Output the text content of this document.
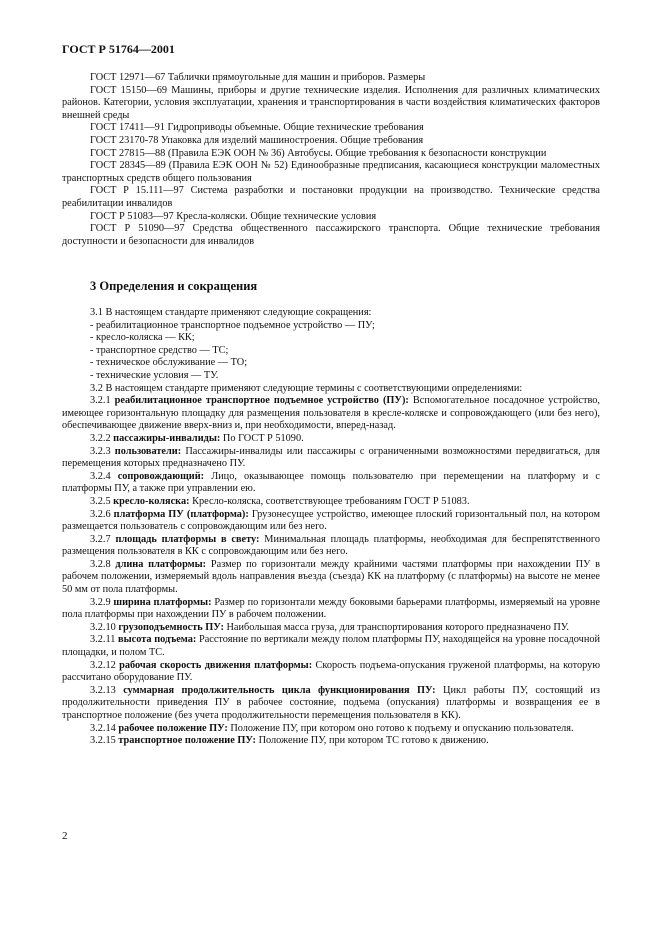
ГОСТ Р 51764—2001

ГОСТ 12971—67 Таблички прямоугольные для машин и приборов. Размеры

ГОСТ 15150—69 Машины, приборы и другие технические изделия. Исполнения для различных климатических районов. Категории, условия эксплуатации, хранения и транспортирования в части воздействия климатических факторов внешней среды

ГОСТ 17411—91 Гидроприводы объемные. Общие технические требования

ГОСТ 23170-78 Упаковка для изделий машиностроения. Общие требования

ГОСТ 27815—88 (Правила ЕЭК ООН № 36) Автобусы. Общие требования к безопасности конструкции

ГОСТ 28345—89 (Правила ЕЭК ООН № 52) Единообразные предписания, касающиеся конструкции маломестных транспортных средств общего пользования

ГОСТ Р 15.111—97 Система разработки и постановки продукции на производство. Технические средства реабилитации инвалидов

ГОСТ Р 51083—97 Кресла-коляски. Общие технические условия

ГОСТ Р 51090—97 Средства общественного пассажирского транспорта. Общие технические требования доступности и безопасности для инвалидов

3 Определения и сокращения

3.1 В настоящем стандарте применяют следующие сокращения:

- реабилитационное транспортное подъемное устройство — ПУ;

- кресло-коляска — КК;

- транспортное средство — ТС;

- техническое обслуживание — ТО;

- технические условия — ТУ.

3.2 В настоящем стандарте применяют следующие термины с соответствующими определениями:

3.2.1 реабилитационное транспортное подъемное устройство (ПУ): Вспомогательное посадочное устройство, имеющее горизонтальную площадку для размещения пользователя в кресле-коляске и сопровождающего (или без него), обеспечивающее движение вверх-вниз и, при необходимости, вперед-назад.

3.2.2 пассажиры-инвалиды: По ГОСТ Р 51090.

3.2.3 пользователи: Пассажиры-инвалиды или пассажиры с ограниченными возможностями передвигаться, для перемещения которых предназначено ПУ.

3.2.4 сопровождающий: Лицо, оказывающее помощь пользователю при перемещении на платформу и с платформы ПУ, а также при управлении ею.

3.2.5 кресло-коляска: Кресло-коляска, соответствующее требованиям ГОСТ Р 51083.

3.2.6 платформа ПУ (платформа): Грузонесущее устройство, имеющее плоский горизонтальный пол, на котором размещается пользователь с сопровождающим или без него.

3.2.7 площадь платформы в свету: Минимальная площадь платформы, необходимая для беспрепятственного размещения пользователя в КК с сопровождающим или без него.

3.2.8 длина платформы: Размер по горизонтали между крайними частями платформы при нахождении ПУ в рабочем положении, измеряемый вдоль направления въезда (съезда) КК на платформу (с платформы) на высоте не менее 50 мм от пола платформы.

3.2.9 ширина платформы: Размер по горизонтали между боковыми барьерами платформы, измеряемый на уровне пола платформы при нахождении ПУ в рабочем положении.

3.2.10 грузоподъемность ПУ: Наибольшая масса груза, для транспортирования которого предназначено ПУ.

3.2.11 высота подъема: Расстояние по вертикали между полом платформы ПУ, находящейся на уровне посадочной площадки, и полом ТС.

3.2.12 рабочая скорость движения платформы: Скорость подъема-опускания груженой платформы, на которую рассчитано оборудование ПУ.

3.2.13 суммарная продолжительность цикла функционирования ПУ: Цикл работы ПУ, состоящий из продолжительности приведения ПУ в рабочее состояние, подъема (опускания) платформы и возвращения ее в транспортное положение (без учета продолжительности перемещения пользователя в КК).

3.2.14 рабочее положение ПУ: Положение ПУ, при котором оно готово к подъему и опусканию пользователя.

3.2.15 транспортное положение ПУ: Положение ПУ, при котором ТС готово к движению.

2
